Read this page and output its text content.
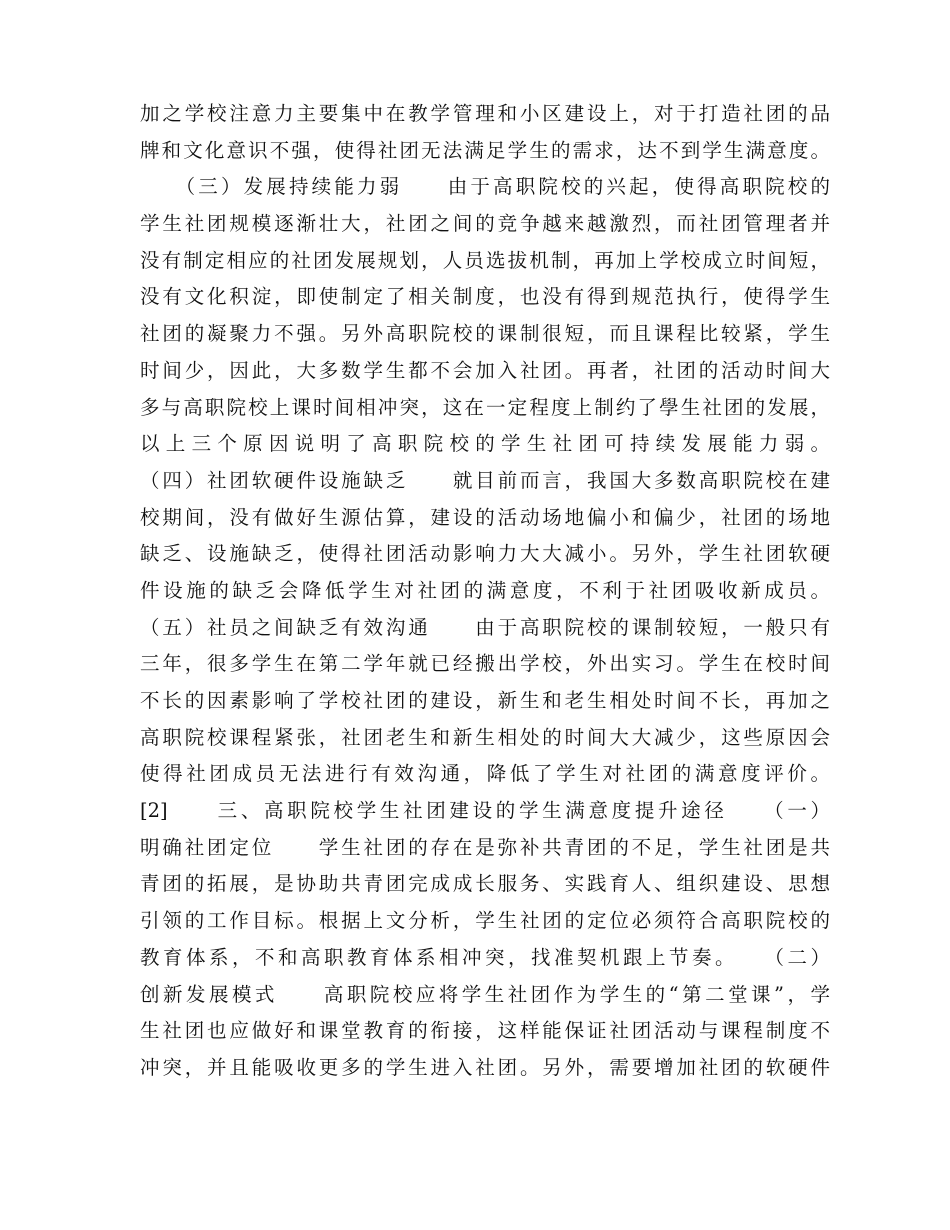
加之学校注意力主要集中在教学管理和小区建设上，对于打造社团的品
牌和文化意识不强，使得社团无法满足学生的需求，达不到学生满意度。
　　（三）发展持续能力弱　　由于高职院校的兴起，使得高职院校的
学生社团规模逐渐壮大，社团之间的竞争越来越激烈，而社团管理者并
没有制定相应的社团发展规划，人员选拔机制，再加上学校成立时间短，
没有文化积淀，即使制定了相关制度，也没有得到规范执行，使得学生
社团的凝聚力不强。另外高职院校的课制很短，而且课程比较紧，学生
时间少，因此，大多数学生都不会加入社团。再者，社团的活动时间大
多与高职院校上课时间相冲突，这在一定程度上制约了學生社团的发展，
以上三个原因说明了高职院校的学生社团可持续发展能力弱。
（四）社团软硬件设施缺乏　　就目前而言，我国大多数高职院校在建
校期间，没有做好生源估算，建设的活动场地偏小和偏少，社团的场地
缺乏、设施缺乏，使得社团活动影响力大大减小。另外，学生社团软硬
件设施的缺乏会降低学生对社团的满意度，不利于社团吸收新成员。
（五）社员之间缺乏有效沟通　　由于高职院校的课制较短，一般只有
三年，很多学生在第二学年就已经搬出学校，外出实习。学生在校时间
不长的因素影响了学校社团的建设，新生和老生相处时间不长，再加之
高职院校课程紧张，社团老生和新生相处的时间大大减少，这些原因会
使得社团成员无法进行有效沟通，降低了学生对社团的满意度评价。
[2]　　三、高职院校学生社团建设的学生满意度提升途径　　（一）
明确社团定位　　学生社团的存在是弥补共青团的不足，学生社团是共
青团的拓展，是协助共青团完成成长服务、实践育人、组织建设、思想
引领的工作目标。根据上文分析，学生社团的定位必须符合高职院校的
教育体系，不和高职教育体系相冲突，找准契机跟上节奏。　　（二）
创新发展模式　　高职院校应将学生社团作为学生的“第二堂课”，学
生社团也应做好和课堂教育的衔接，这样能保证社团活动与课程制度不
冲突，并且能吸收更多的学生进入社团。另外，需要增加社团的软硬件
